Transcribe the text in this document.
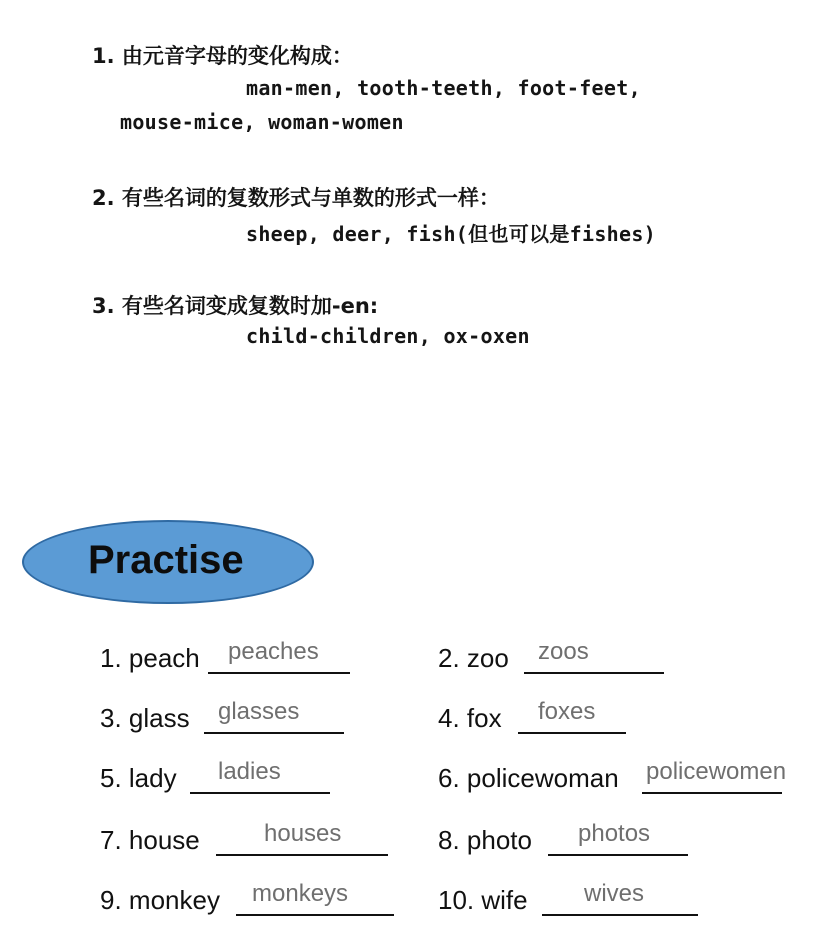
1. 由元音字母的变化构成：
man-men, tooth-teeth, foot-feet,
mouse-mice, woman-women
2. 有些名词的复数形式与单数的形式一样：
sheep, deer, fish(但也可以是fishes)
3. 有些名词变成复数时加-en:
child-children, ox-oxen
Practise
1. peach peaches
3. glass glasses
5. lady ladies
7. house	houses
9. monkey monkeys
2. zoo zoos
4. fox foxes
6. policewoman policewomen
8. photo photos
10. wife wives
